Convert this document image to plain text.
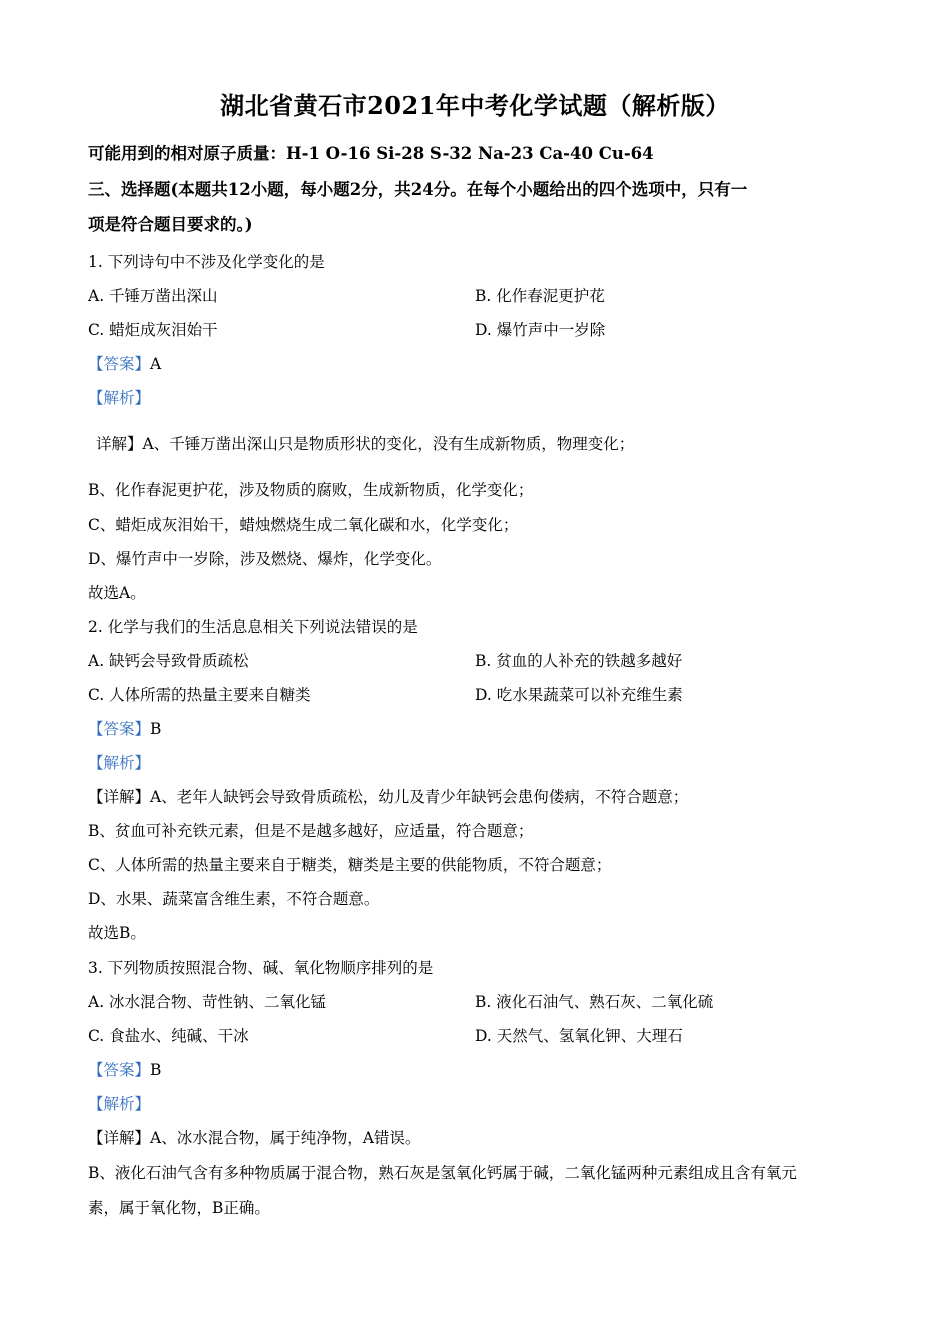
湖北省黄石市2021年中考化学试题（解析版）
可能用到的相对原子质量：H-1 O-16 Si-28 S-32 Na-23 Ca-40 Cu-64
三、选择题(本题共12小题，每小题2分，共24分。在每个小题给出的四个选项中，只有一
项是符合题目要求的。)
1. 下列诗句中不涉及化学变化的是
A. 千锤万凿出深山	B. 化作春泥更护花
C. 蜡炬成灰泪始干	D. 爆竹声中一岁除
【答案】A
【解析】
详解】A、千锤万凿出深山只是物质形状的变化，没有生成新物质，物理变化；
B、化作春泥更护花，涉及物质的腐败，生成新物质，化学变化；
C、蜡炬成灰泪始干，蜡烛燃烧生成二氧化碳和水，化学变化；
D、爆竹声中一岁除，涉及燃烧、爆炸，化学变化。
故选A。
2. 化学与我们的生活息息相关下列说法错误的是
A. 缺钙会导致骨质疏松	B. 贫血的人补充的铁越多越好
C. 人体所需的热量主要来自糖类	D. 吃水果蔬菜可以补充维生素
【答案】B
【解析】
【详解】A、老年人缺钙会导致骨质疏松，幼儿及青少年缺钙会患佝偻病，不符合题意；
B、贫血可补充铁元素，但是不是越多越好，应适量，符合题意；
C、人体所需的热量主要来自于糖类，糖类是主要的供能物质，不符合题意；
D、水果、蔬菜富含维生素，不符合题意。
故选B。
3. 下列物质按照混合物、碱、氧化物顺序排列的是
A. 冰水混合物、苛性钠、二氧化锰	B. 液化石油气、熟石灰、二氧化硫
C. 食盐水、纯碱、干冰	D. 天然气、氢氧化钾、大理石
【答案】B
【解析】
【详解】A、冰水混合物，属于纯净物，A错误。
B、液化石油气含有多种物质属于混合物，熟石灰是氢氧化钙属于碱，二氧化锰两种元素组成且含有氧元
素，属于氧化物，B正确。
